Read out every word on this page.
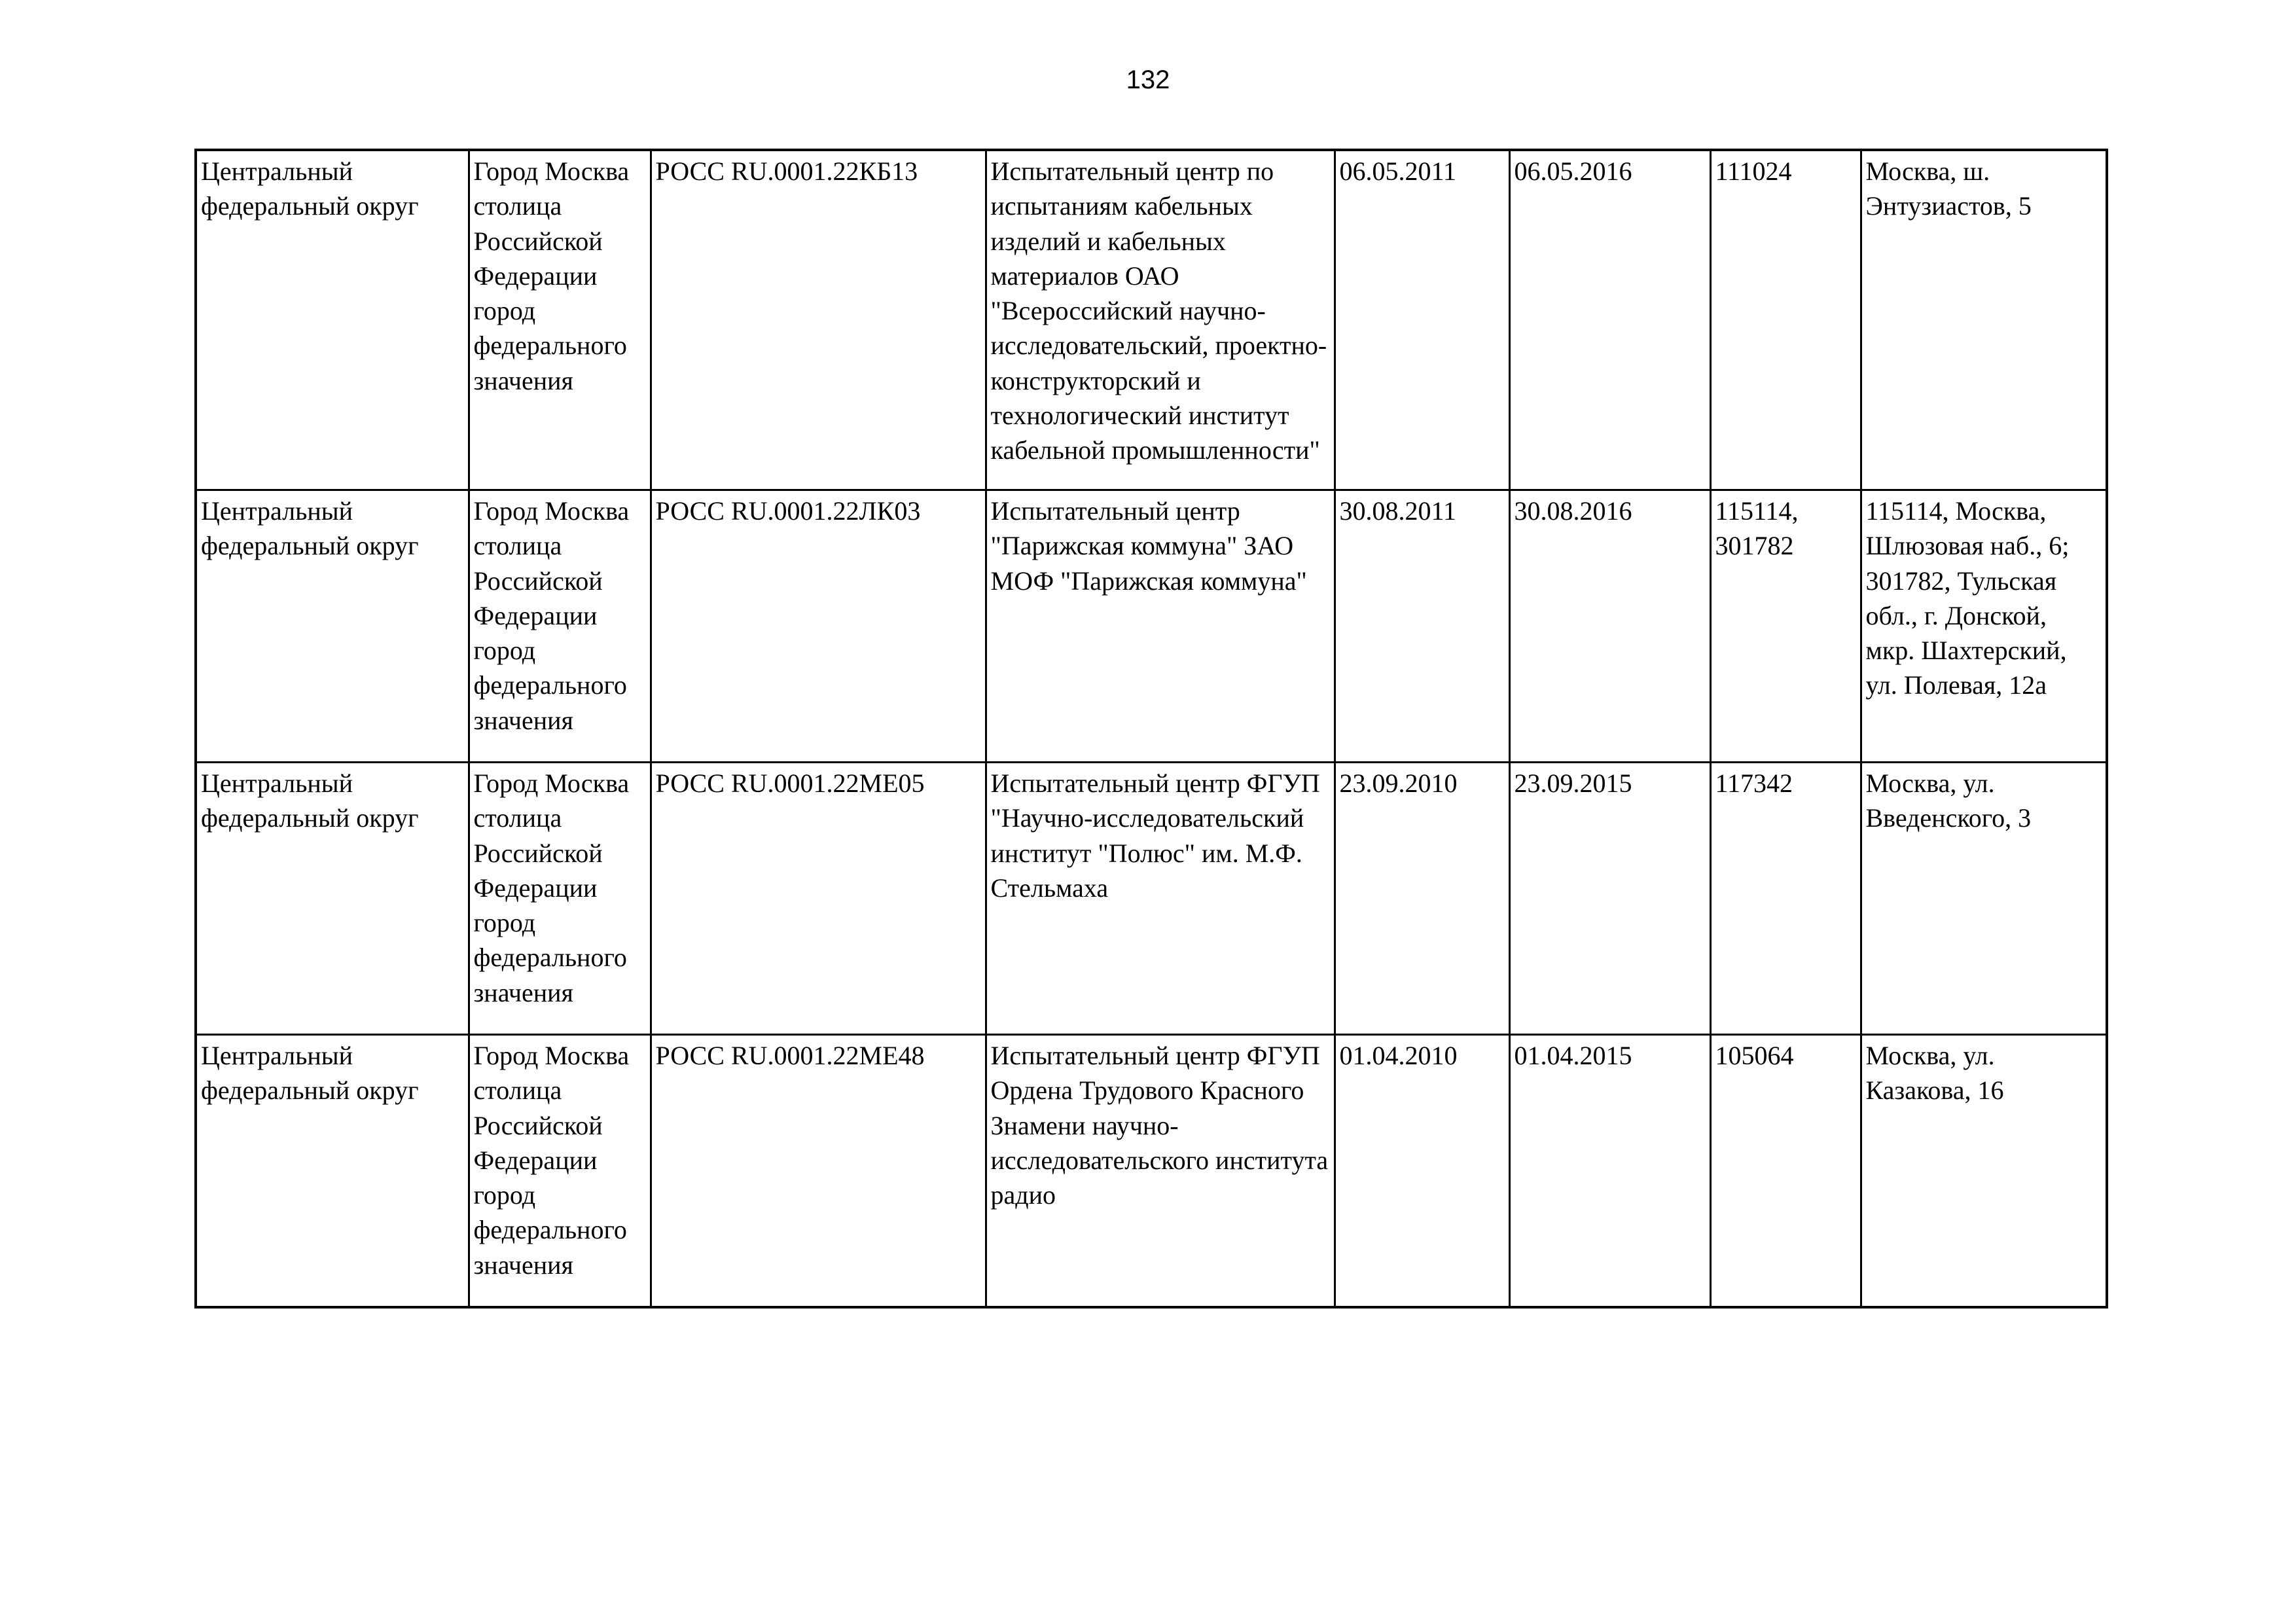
132
Центральный федеральный округ	Город Москва столица Российской Федерации город федерального значения	РОСС RU.0001.22КБ13	Испытательный центр по испытаниям кабельных изделий и кабельных материалов ОАО "Всероссийский научно-исследовательский, проектно-конструкторский и технологический институт кабельной промышленности"	06.05.2011	06.05.2016	111024	Москва, ш. Энтузиастов, 5

Центральный федеральный округ	Город Москва столица Российской Федерации город федерального значения	РОСС RU.0001.22ЛК03	Испытательный центр "Парижская коммуна" ЗАО МОФ "Парижская коммуна"	30.08.2011	30.08.2016	115114, 301782	115114, Москва, Шлюзовая наб., 6; 301782, Тульская обл., г. Донской, мкр. Шахтерский, ул. Полевая, 12а

Центральный федеральный округ	Город Москва столица Российской Федерации город федерального значения	РОСС RU.0001.22МЕ05	Испытательный центр ФГУП "Научно-исследовательский институт "Полюс" им. М.Ф. Стельмаха	23.09.2010	23.09.2015	117342	Москва, ул. Введенского, 3

Центральный федеральный округ	Город Москва столица Российской Федерации город федерального значения	РОСС RU.0001.22МЕ48	Испытательный центр ФГУП Ордена Трудового Красного Знамени научно-исследовательского института радио	01.04.2010	01.04.2015	105064	Москва, ул. Казакова, 16
